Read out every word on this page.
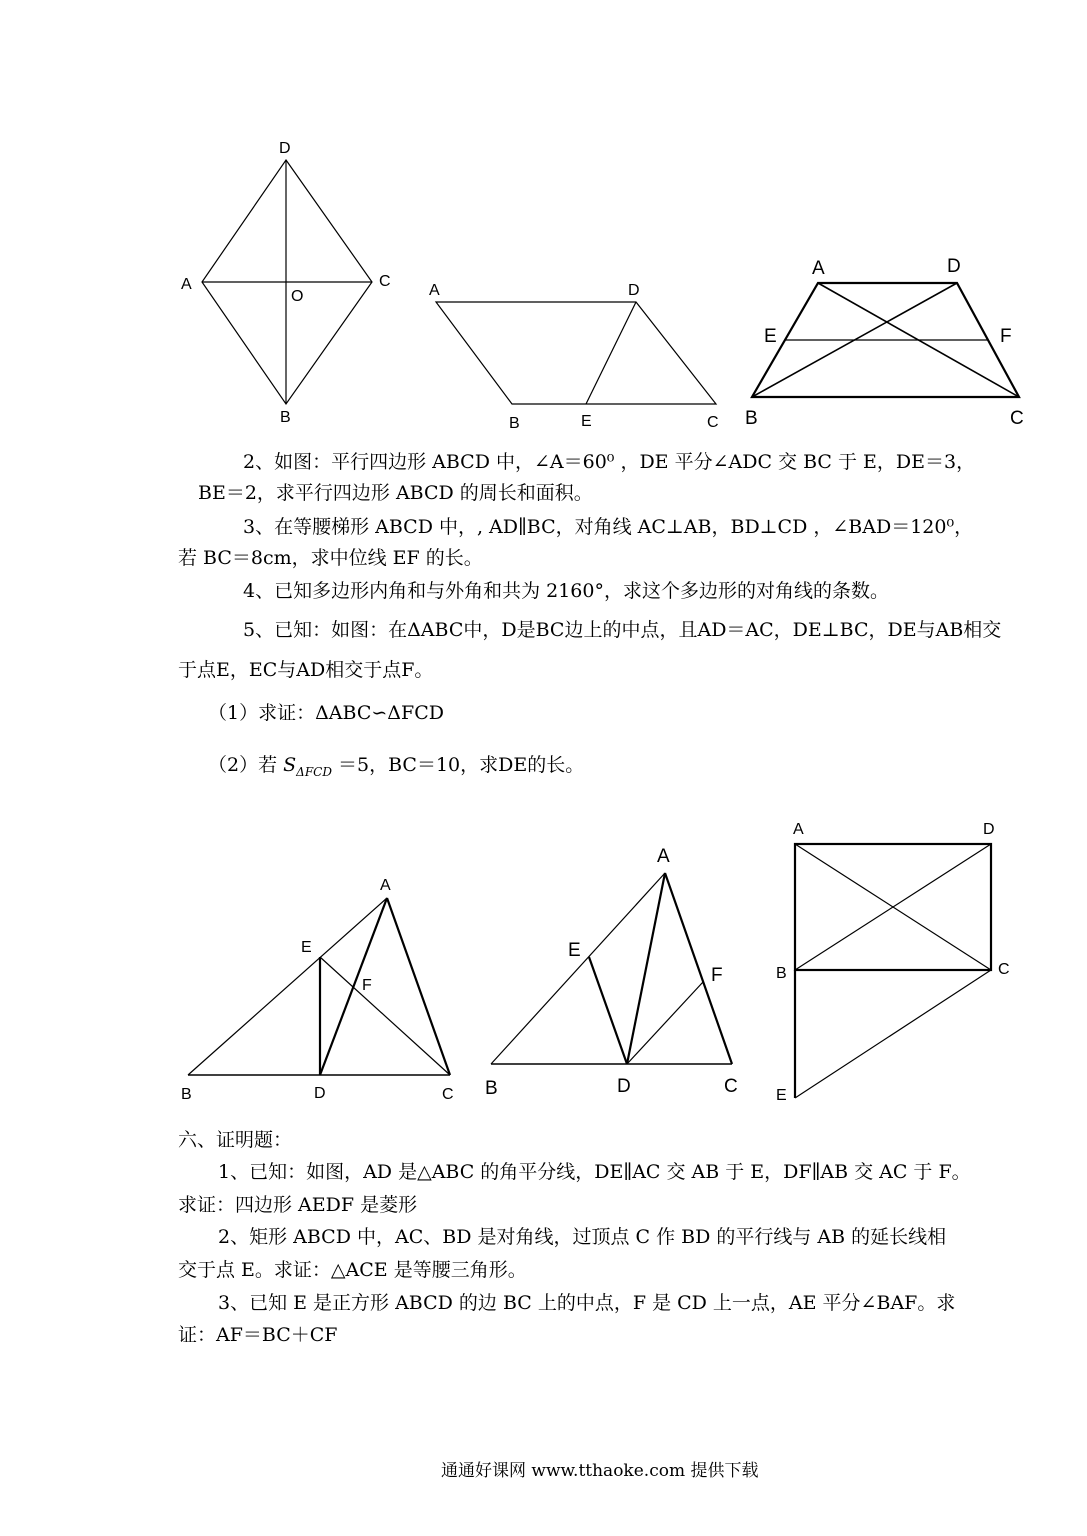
D
A	C
O
B
A	D
B	E	C
A	D
E	F
B	C
2、如图：平行四边形 ABCD 中，∠A＝60⁰ ，DE 平分∠ADC 交 BC 于 E，DE＝3，
BE＝2，求平行四边形 ABCD 的周长和面积。
3、在等腰梯形 ABCD 中，, AD∥BC，对角线 AC⊥AB，BD⊥CD ，∠BAD＝120⁰，
若 BC＝8cm，求中位线 EF 的长。
4、已知多边形内角和与外角和共为 2160°，求这个多边形的对角线的条数。
5、已知：如图：在ΔABC中，D是BC边上的中点，且AD＝AC，DE⊥BC，DE与AB相交
于点E，EC与AD相交于点F。
（1）求证：ΔABC∽ΔFCD
（2）若 $S_{\Delta FCD} =5$，BC＝10，求DE的长。
A
E
F
B	D	C
A
E
F
B	D	C
A	D
B	C
E
六、证明题：
1、已知：如图，AD 是△ABC 的角平分线，DE∥AC 交 AB 于 E，DF∥AB 交 AC 于 F。
求证：四边形 AEDF 是菱形
2、矩形 ABCD 中，AC、BD 是对角线，过顶点 C 作 BD 的平行线与 AB 的延长线相
交于点 E。求证：△ACE 是等腰三角形。
3、已知 E 是正方形 ABCD 的边 BC 上的中点，F 是 CD 上一点，AE 平分∠BAF。求
证：AF＝BC＋CF
通通好课网 www.tthaoke.com 提供下载
